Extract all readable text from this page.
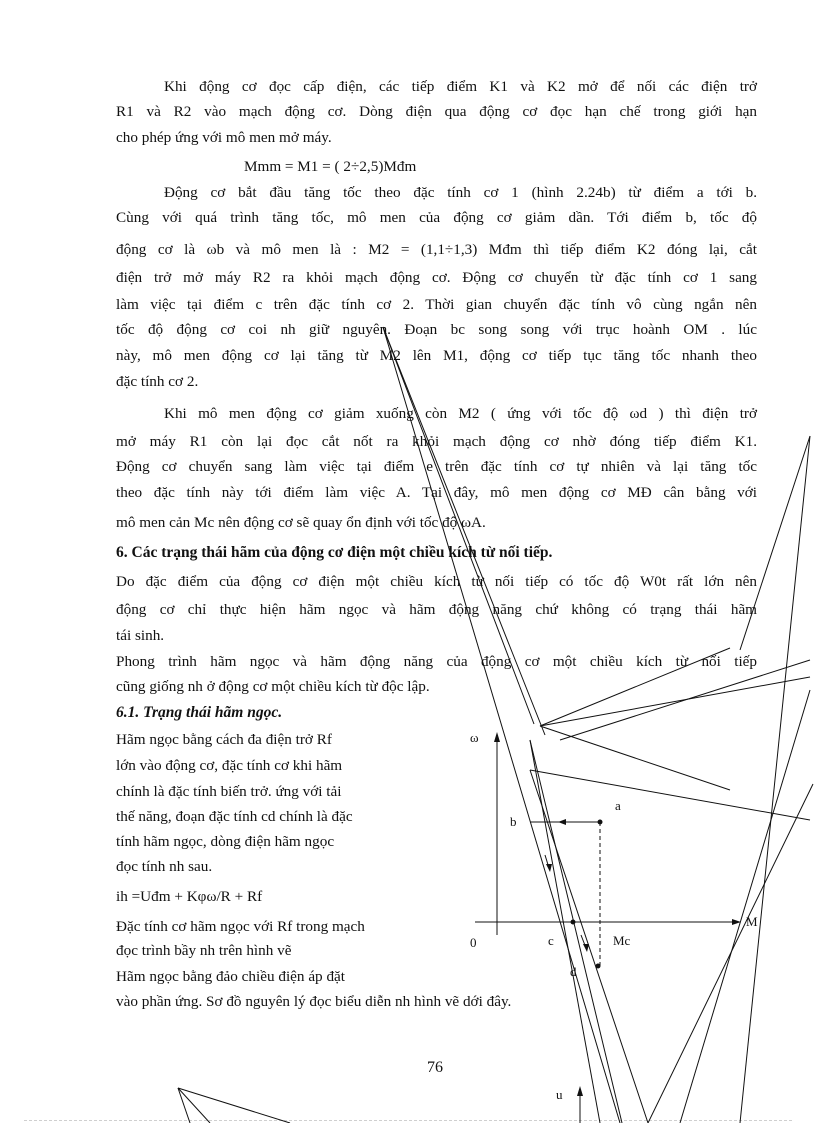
Khi động cơ đọc cấp điện, các tiếp điểm K1 và K2 mở để nối các điện trở
R1 và R2 vào mạch động cơ. Dòng điện qua động cơ đọc hạn chế trong giới hạn
cho phép ứng với mô men mở máy.
Mmm = M1 = ( 2÷2,5)Mđm
Động cơ bắt đầu tăng tốc theo đặc tính cơ 1 (hình 2.24b) từ điểm a tới b.
Cùng với quá trình tăng tốc, mô men của động cơ giảm dần. Tới điểm b, tốc độ
động cơ là ωb và mô men là : M2 = (1,1÷1,3) Mđm thì tiếp điểm K2 đóng lại, cắt
điện trở mở máy R2 ra khỏi mạch động cơ. Động cơ chuyển từ đặc tính cơ 1 sang
làm việc tại điểm c trên đặc tính cơ 2. Thời gian chuyển đặc tính vô cùng ngắn nên
tốc độ động cơ coi nh giữ nguyên. Đoạn bc song song với trục hoành OM . lúc
này, mô men động cơ lại tăng từ M2 lên M1, động cơ tiếp tục tăng tốc nhanh theo
đặc tính cơ 2.
Khi mô men động cơ giảm xuống còn M2 ( ứng với tốc độ ωd ) thì điện trở
mở máy R1 còn lại đọc cắt nốt ra khỏi mạch động cơ nhờ đóng tiếp điểm K1.
Động cơ chuyển sang làm việc tại điểm e trên đặc tính cơ tự nhiên và lại tăng tốc
theo đặc tính này tới điểm làm việc A. Tại đây, mô men động cơ MĐ cân bằng với
mô men cản Mc nên động cơ sẽ quay ổn định với tốc độ ωA.
6. Các trạng thái hãm của động cơ điện một chiều kích từ nối tiếp.
Do đặc điểm của động cơ điện một chiều kích từ nối tiếp có tốc độ W0t rất lớn nên
động cơ chỉ thực hiện hãm ngọc và hãm động năng chứ không có trạng thái hãm
tái sinh.
Phong trình hãm ngọc và hãm động năng của động cơ một chiều kích từ nối tiếp
cũng giống nh ở động cơ một chiều kích từ độc lập.
6.1. Trạng thái hãm ngọc.
Hãm ngọc bằng cách đa điện trở Rf
lớn vào động cơ, đặc tính cơ khi hãm
chính là đặc tính biến trở. ứng với tải
thế năng, đoạn đặc tính cd chính là đặc
tính hãm ngọc, dòng điện hãm ngọc
đọc tính nh sau.
ih =Uđm + Kφω/R + Rf
Đặc tính cơ hãm ngọc với Rf trong mạch
đọc trình bầy nh trên hình vẽ
Hãm ngọc bằng đảo chiều điện áp đặt
vào phần ứng. Sơ đồ nguyên lý đọc biểu diễn nh hình vẽ dới đây.
76
ω
M
0
a
b
c
d
Mc
u
